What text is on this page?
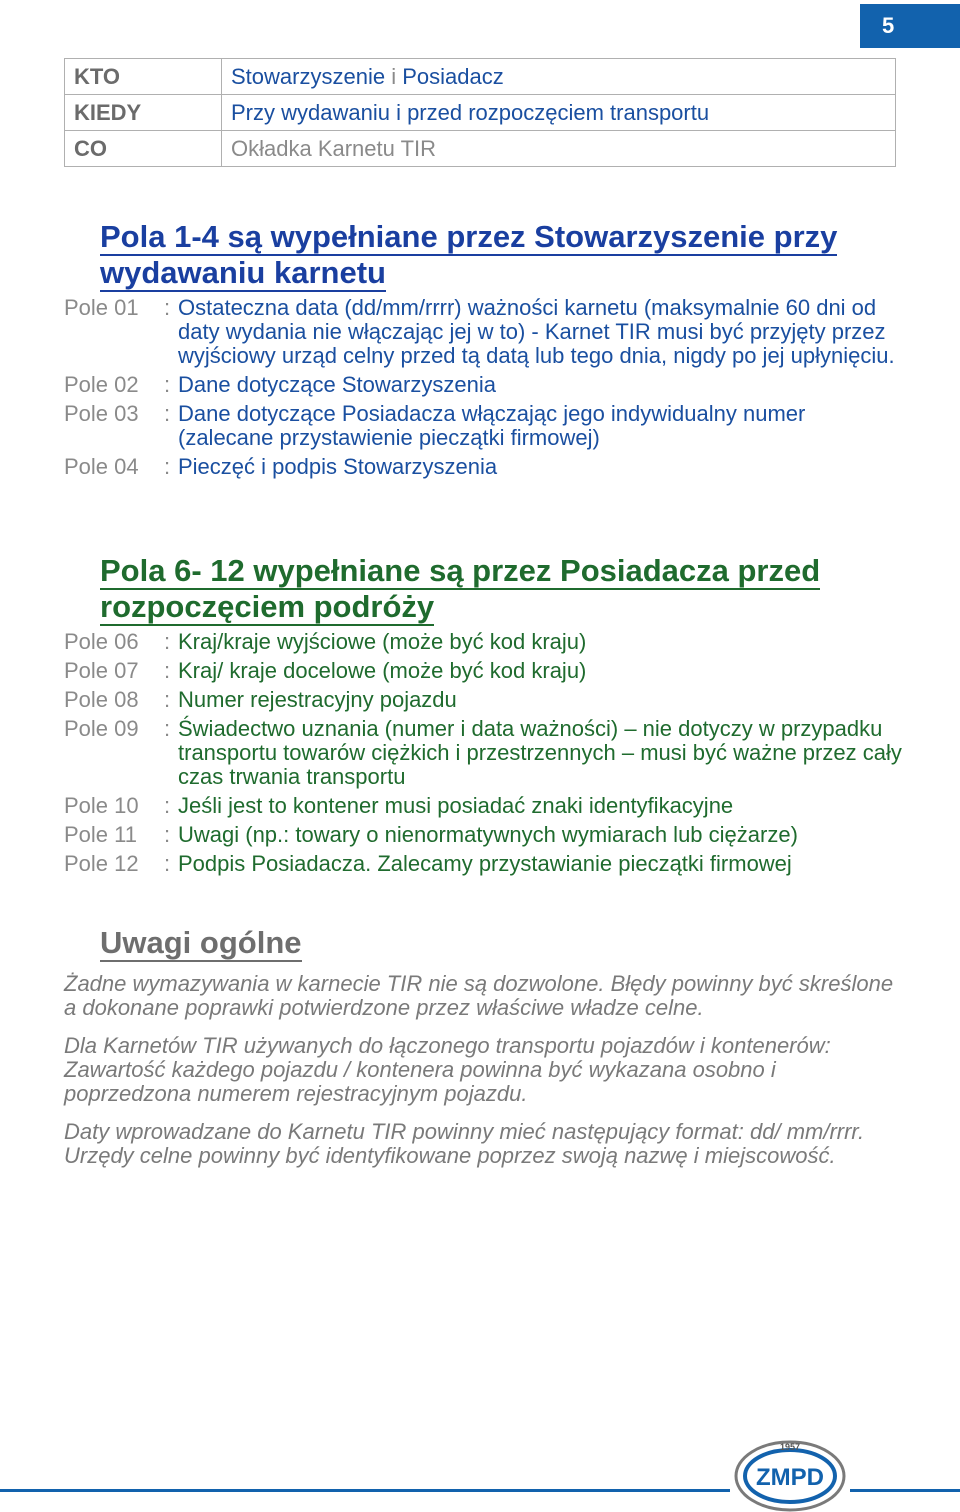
5
KTO	Stowarzyszenie i Posiadacz
KIEDY	Przy wydawaniu i przed rozpoczęciem transportu
CO	Okładka Karnetu TIR
Pola 1-4 są wypełniane przez Stowarzyszenie przy wydawaniu karnetu
Pole 01	: Ostateczna data (dd/mm/rrrr) ważności karnetu (maksymalnie 60 dni od daty wydania nie włączając jej w to) - Karnet TIR musi być przyjęty przez wyjściowy urząd celny przed tą datą lub tego dnia, nigdy po jej upłynięciu.
Pole 02	: Dane dotyczące Stowarzyszenia
Pole 03	: Dane dotyczące Posiadacza włączając jego indywidualny numer (zalecane przystawienie pieczątki firmowej)
Pole 04	: Pieczęć i podpis Stowarzyszenia
Pola 6- 12 wypełniane są przez Posiadacza przed rozpoczęciem podróży
Pole 06	: Kraj/kraje wyjściowe (może być kod kraju)
Pole 07	: Kraj/ kraje docelowe (może być kod kraju)
Pole 08	: Numer rejestracyjny pojazdu
Pole 09	: Świadectwo uznania (numer i data ważności) – nie dotyczy w przypadku transportu towarów ciężkich i przestrzennych – musi być ważne przez cały czas trwania transportu
Pole 10	: Jeśli jest to kontener musi posiadać znaki identyfikacyjne
Pole 11	: Uwagi (np.: towary o nienormatywnych wymiarach lub ciężarze)
Pole 12	: Podpis Posiadacza. Zalecamy przystawianie pieczątki firmowej
Uwagi ogólne

Żadne wymazywania w karnecie TIR nie są dozwolone. Błędy powinny być skreślone a dokonane poprawki potwierdzone przez właściwe władze celne.

Dla Karnetów TIR używanych do łączonego transportu pojazdów i kontenerów: Zawartość każdego pojazdu / kontenera powinna być wykazana osobno i poprzedzona numerem rejestracyjnym pojazdu.

Daty wprowadzane do Karnetu TIR powinny mieć następujący format: dd/ mm/rrrr. Urzędy celne powinny być identyfikowane poprzez swoją nazwę i miejscowość.

1957
ZMPD
